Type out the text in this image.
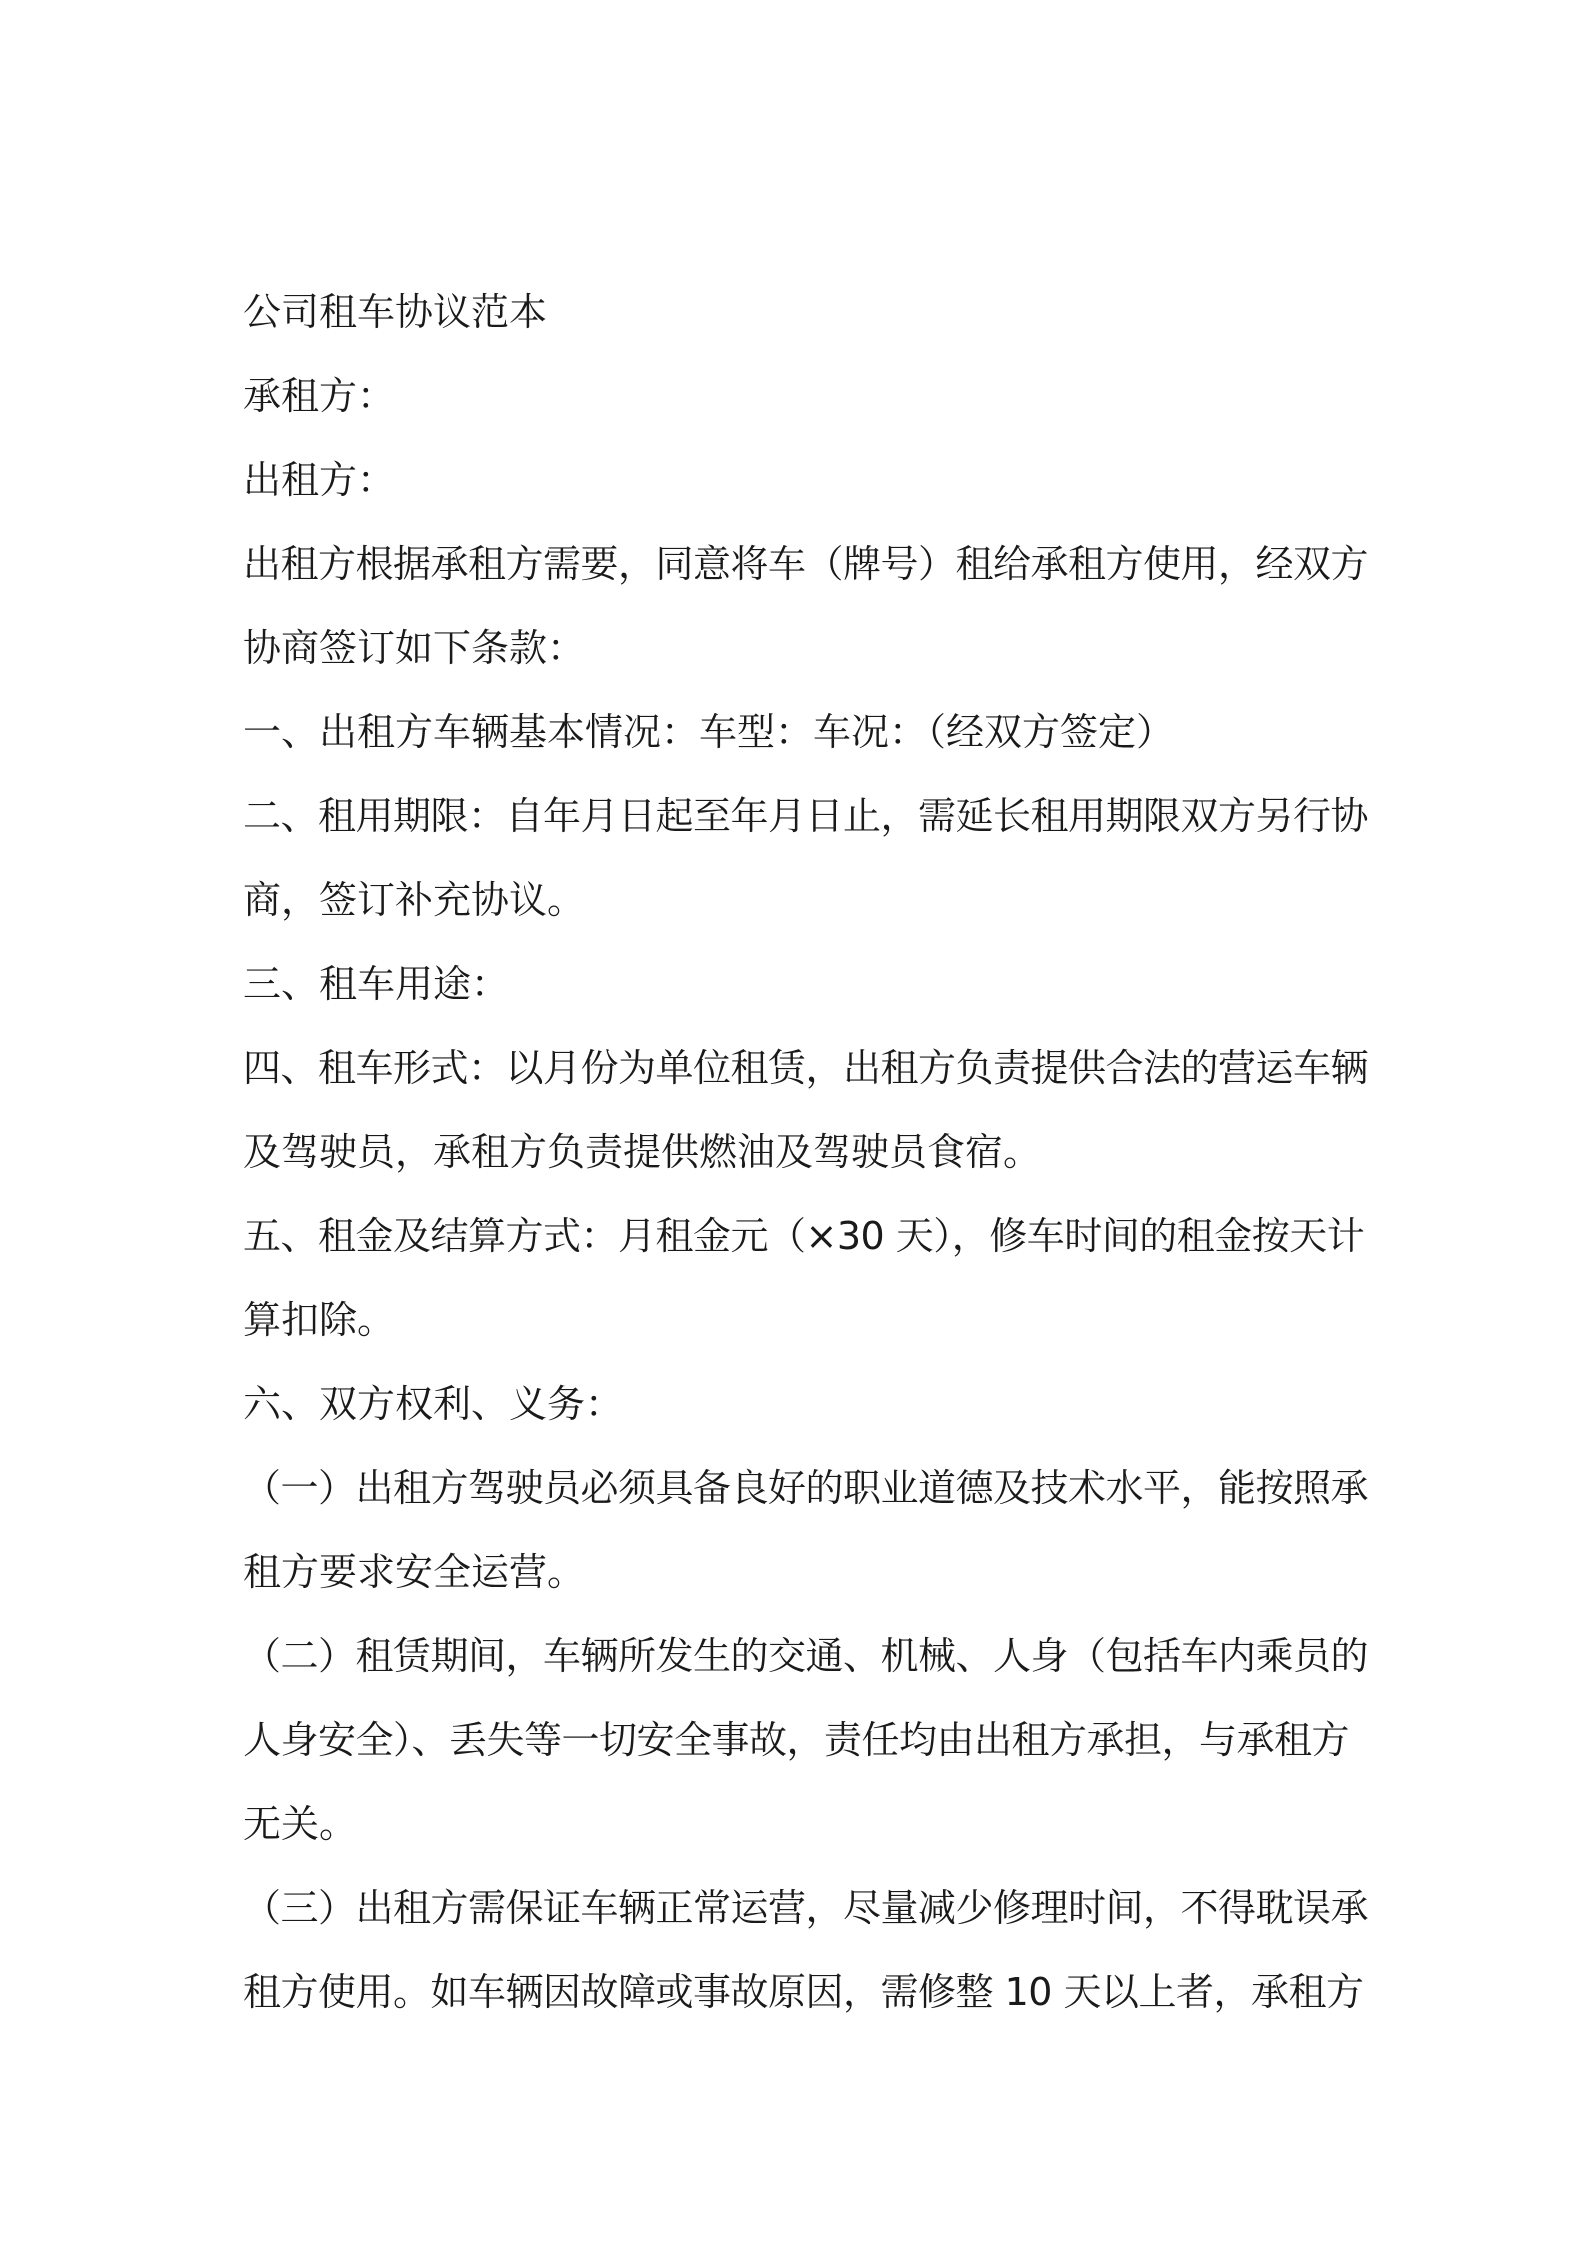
公司租车协议范本
承租方：
出租方：
出租方根据承租方需要，同意将车（牌号）租给承租方使用，经双方
协商签订如下条款：
一、出租方车辆基本情况：车型：车况：（经双方签定）
二、租用期限：自年月日起至年月日止，需延长租用期限双方另行协
商，签订补充协议。
三、租车用途：
四、租车形式：以月份为单位租赁，出租方负责提供合法的营运车辆
及驾驶员，承租方负责提供燃油及驾驶员食宿。
五、租金及结算方式：月租金元（×30 天），修车时间的租金按天计
算扣除。
六、双方权利、义务：
（一）出租方驾驶员必须具备良好的职业道德及技术水平，能按照承
租方要求安全运营。
（二）租赁期间，车辆所发生的交通、机械、人身（包括车内乘员的
人身安全）、丢失等一切安全事故，责任均由出租方承担，与承租方
无关。
（三）出租方需保证车辆正常运营，尽量减少修理时间，不得耽误承
租方使用。如车辆因故障或事故原因，需修整 10 天以上者，承租方
